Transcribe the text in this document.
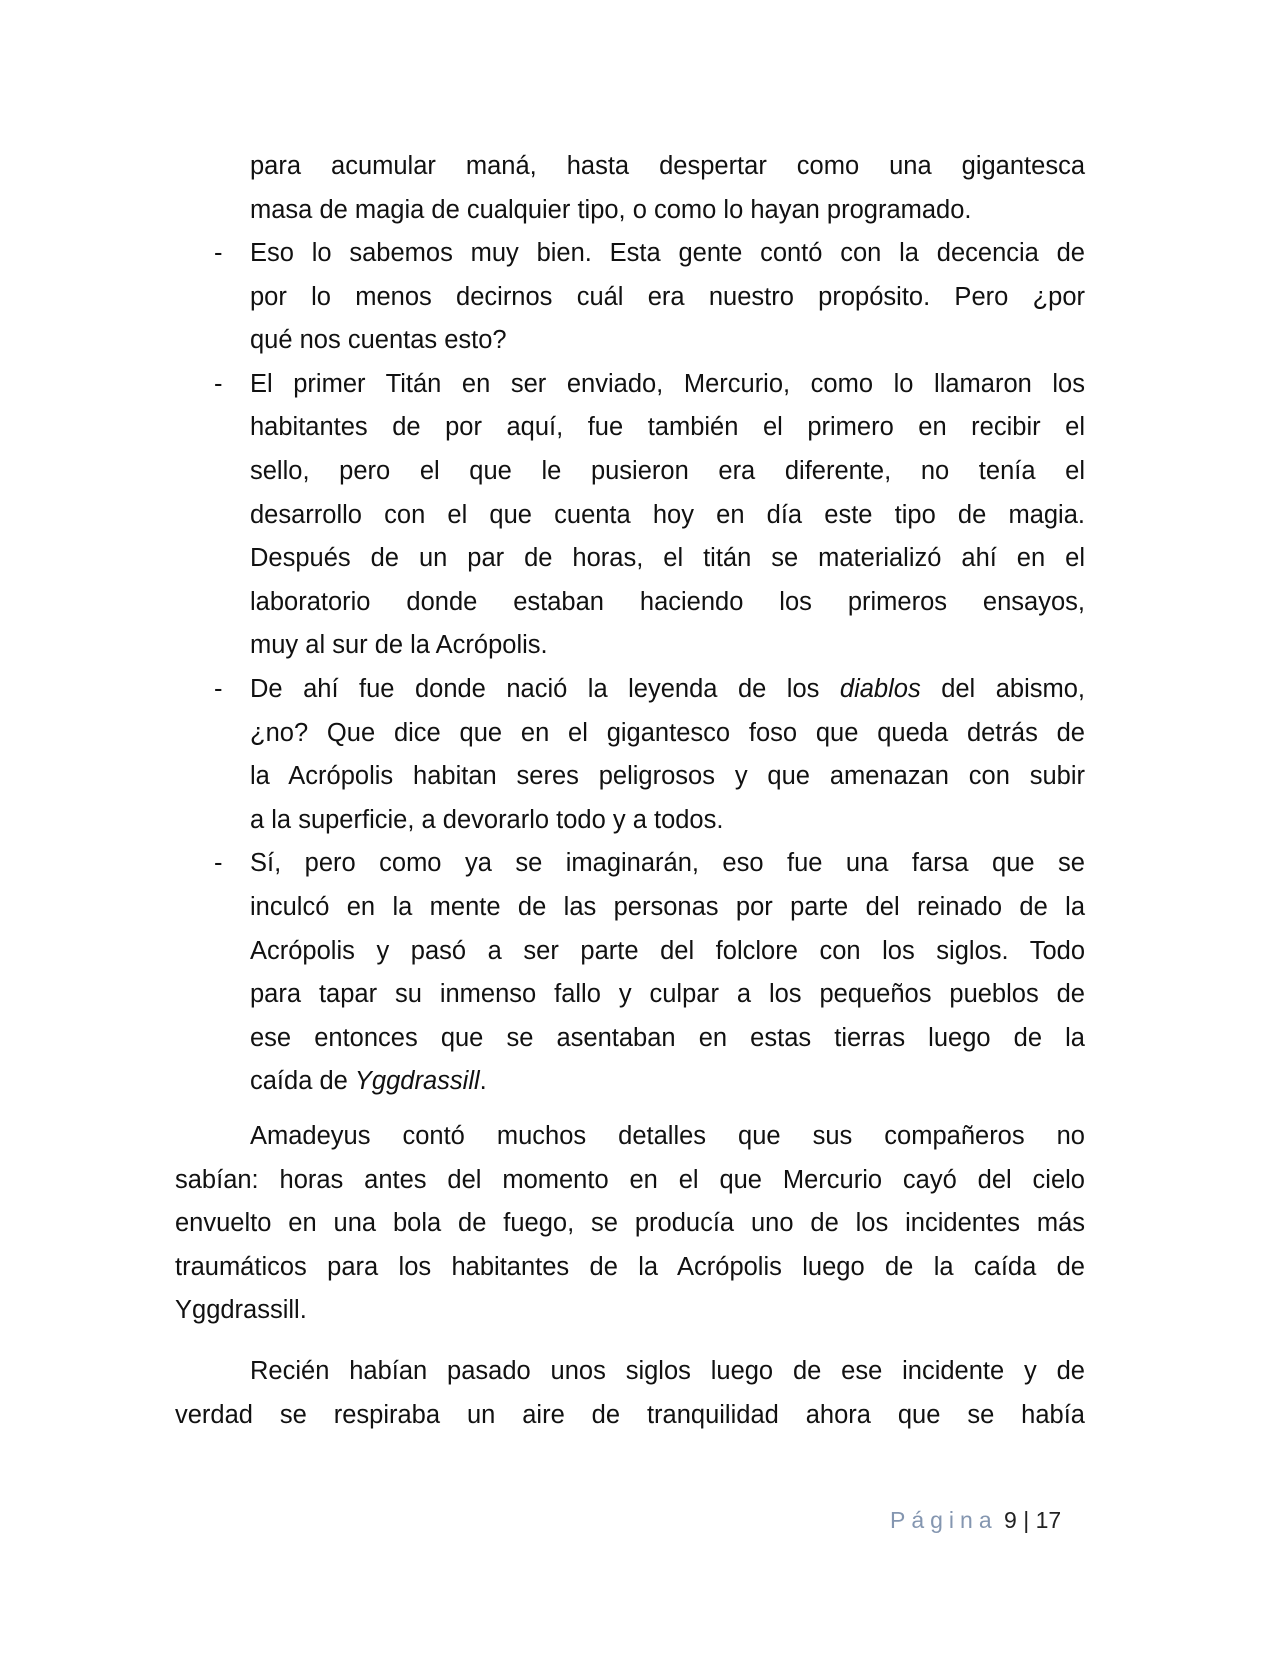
para acumular maná, hasta despertar como una gigantesca
masa de magia de cualquier tipo, o como lo hayan programado.
- Eso lo sabemos muy bien. Esta gente contó con la decencia de
por lo menos decirnos cuál era nuestro propósito. Pero ¿por
qué nos cuentas esto?
- El primer Titán en ser enviado, Mercurio, como lo llamaron los
habitantes de por aquí, fue también el primero en recibir el
sello, pero el que le pusieron era diferente, no tenía el
desarrollo con el que cuenta hoy en día este tipo de magia.
Después de un par de horas, el titán se materializó ahí en el
laboratorio donde estaban haciendo los primeros ensayos,
muy al sur de la Acrópolis.
- De ahí fue donde nació la leyenda de los diablos del abismo,
¿no? Que dice que en el gigantesco foso que queda detrás de
la Acrópolis habitan seres peligrosos y que amenazan con subir
a la superficie, a devorarlo todo y a todos.
- Sí, pero como ya se imaginarán, eso fue una farsa que se
inculcó en la mente de las personas por parte del reinado de la
Acrópolis y pasó a ser parte del folclore con los siglos. Todo
para tapar su inmenso fallo y culpar a los pequeños pueblos de
ese entonces que se asentaban en estas tierras luego de la
caída de Yggdrassill.
Amadeyus contó muchos detalles que sus compañeros no
sabían: horas antes del momento en el que Mercurio cayó del cielo
envuelto en una bola de fuego, se producía uno de los incidentes más
traumáticos para los habitantes de la Acrópolis luego de la caída de
Yggdrassill.
Recién habían pasado unos siglos luego de ese incidente y de
verdad se respiraba un aire de tranquilidad ahora que se había
Página 9 | 17
